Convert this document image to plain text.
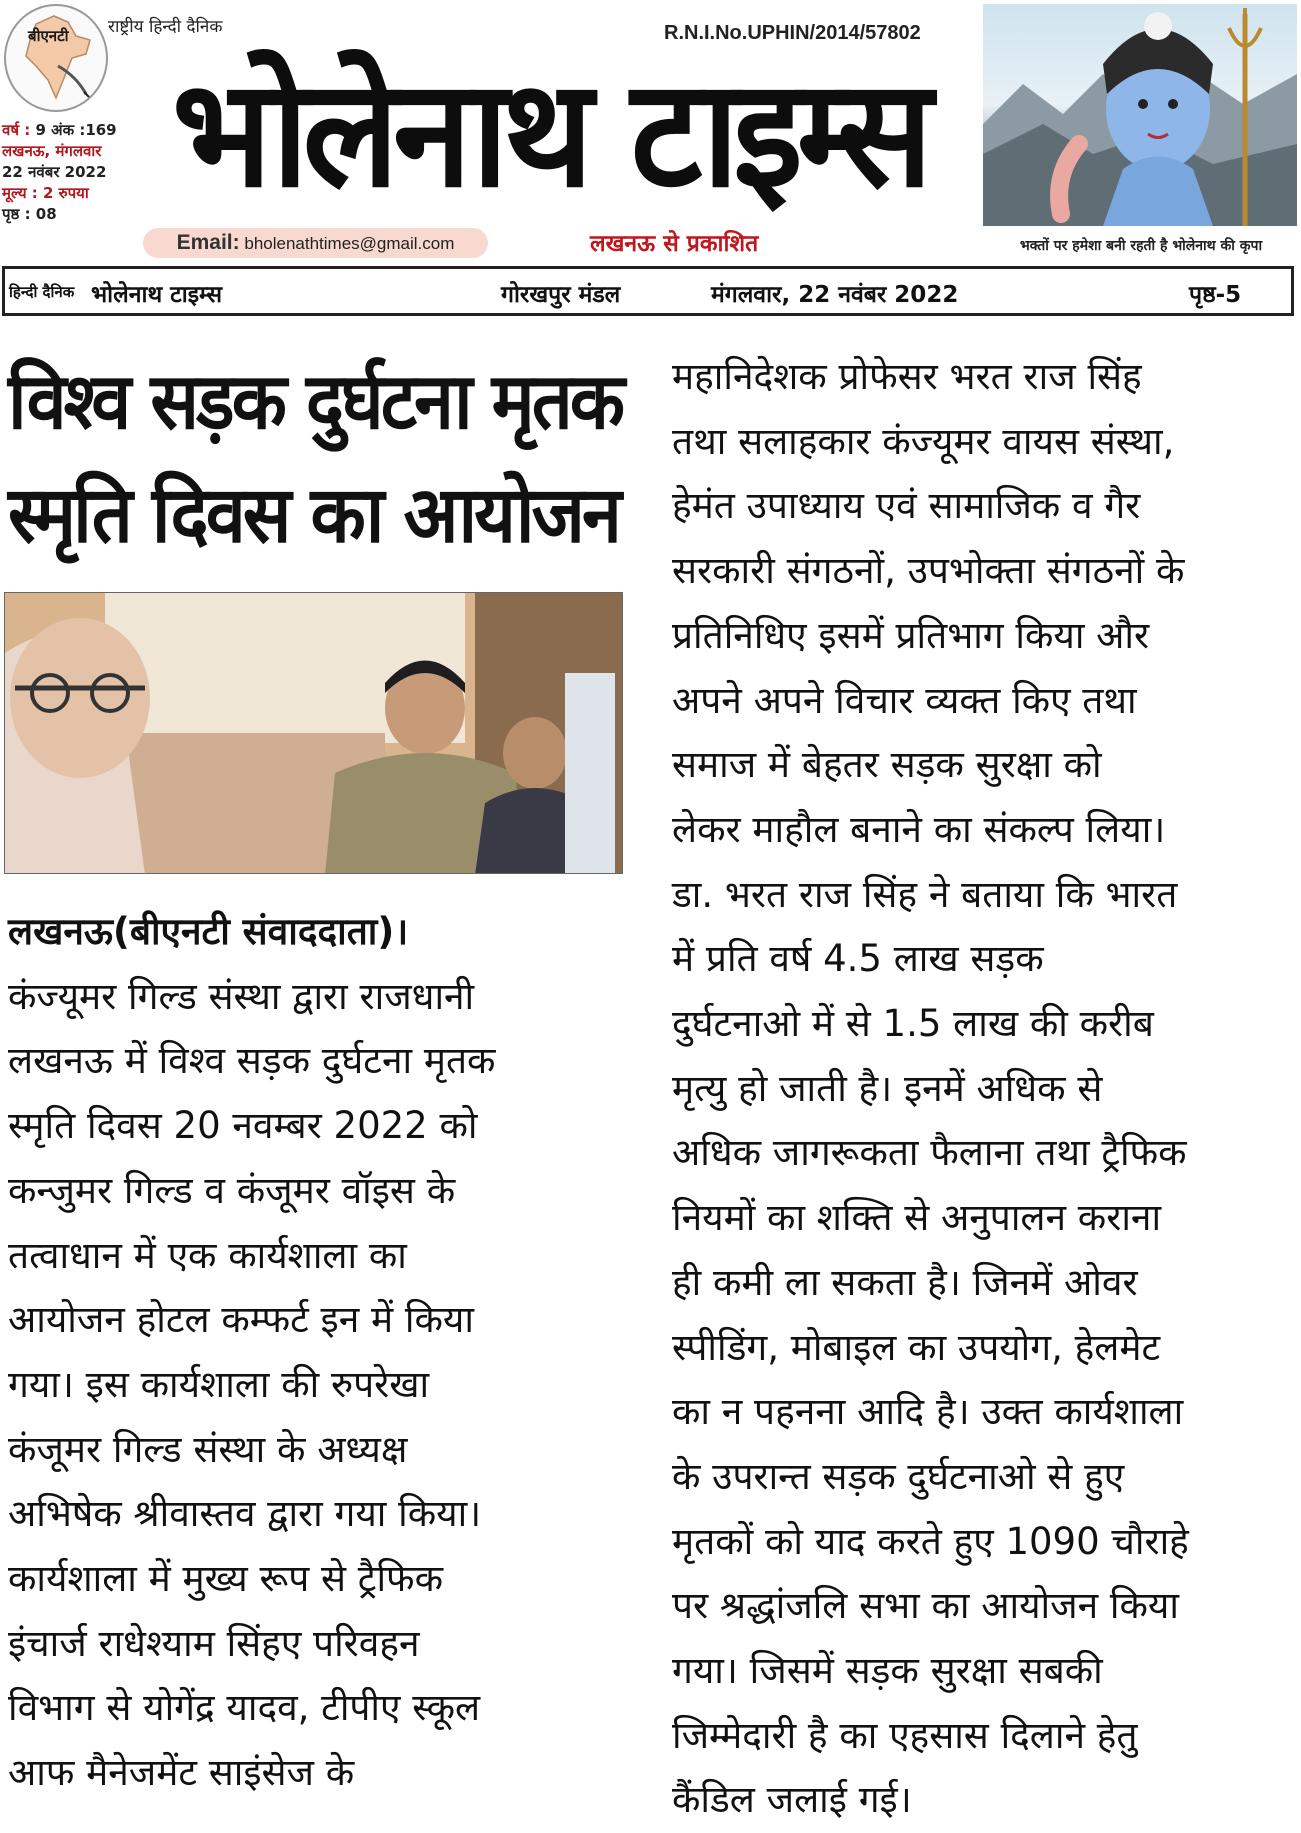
बीएनटी राष्ट्रीय हिन्दी दैनिक
वर्ष : 9 अंक :169
लखनऊ, मंगलवार
22 नवंबर 2022
मूल्य : 2 रुपया
पृष्ठ : 08
R.N.I.No.UPHIN/2014/57802
भोलेनाथ टाइम्स
Email: bholenathtimes@gmail.com	लखनऊ से प्रकाशित	भक्तों पर हमेशा बनी रहती है भोलेनाथ की कृपा
हिन्दी दैनिक भोलेनाथ टाइम्स	गोरखपुर मंडल	मंगलवार, 22 नवंबर 2022	पृष्ठ-5
विश्व सड़क दुर्घटना मृतक
स्मृति दिवस का आयोजन

लखनऊ(बीएनटी संवाददाता)।

कंज्यूमर गिल्ड संस्था द्वारा राजधानी

लखनऊ में विश्व सड़क दुर्घटना मृतक

स्मृति दिवस 20 नवम्बर 2022 को

कन्जुमर गिल्ड व कंजूमर वॉइस के

तत्वाधान में एक कार्यशाला का

आयोजन होटल कम्फर्ट इन में किया

गया। इस कार्यशाला की रुपरेखा

कंजूमर गिल्ड संस्था के अध्यक्ष

अभिषेक श्रीवास्तव द्वारा गया किया।

कार्यशाला में मुख्य रूप से ट्रैफिक

इंचार्ज राधेश्याम सिंहए परिवहन

विभाग से योगेंद्र यादव, टीपीए स्कूल

आफ मैनेजमेंट साइंसेज के

महानिदेशक प्रोफेसर भरत राज सिंह

तथा सलाहकार कंज्यूमर वायस संस्था,

हेमंत उपाध्याय एवं सामाजिक व गैर

सरकारी संगठनों, उपभोक्ता संगठनों के

प्रतिनिधिए इसमें प्रतिभाग किया और

अपने अपने विचार व्यक्त किए तथा

समाज में बेहतर सड़क सुरक्षा को

लेकर माहौल बनाने का संकल्प लिया।

डा. भरत राज सिंह ने बताया कि भारत

में प्रति वर्ष 4.5 लाख सड़क

दुर्घटनाओ में से 1.5 लाख की करीब

मृत्यु हो जाती है। इनमें अधिक से

अधिक जागरूकता फैलाना तथा ट्रैफिक

नियमों का शक्ति से अनुपालन कराना

ही कमी ला सकता है। जिनमें ओवर

स्पीडिंग, मोबाइल का उपयोग, हेलमेट

का न पहनना आदि है। उक्त कार्यशाला

के उपरान्त सड़क दुर्घटनाओ से हुए

मृतकों को याद करते हुए 1090 चौराहे

पर श्रद्धांजलि सभा का आयोजन किया

गया। जिसमें सड़क सुरक्षा सबकी

जिम्मेदारी है का एहसास दिलाने हेतु

कैंडिल जलाई गई।
